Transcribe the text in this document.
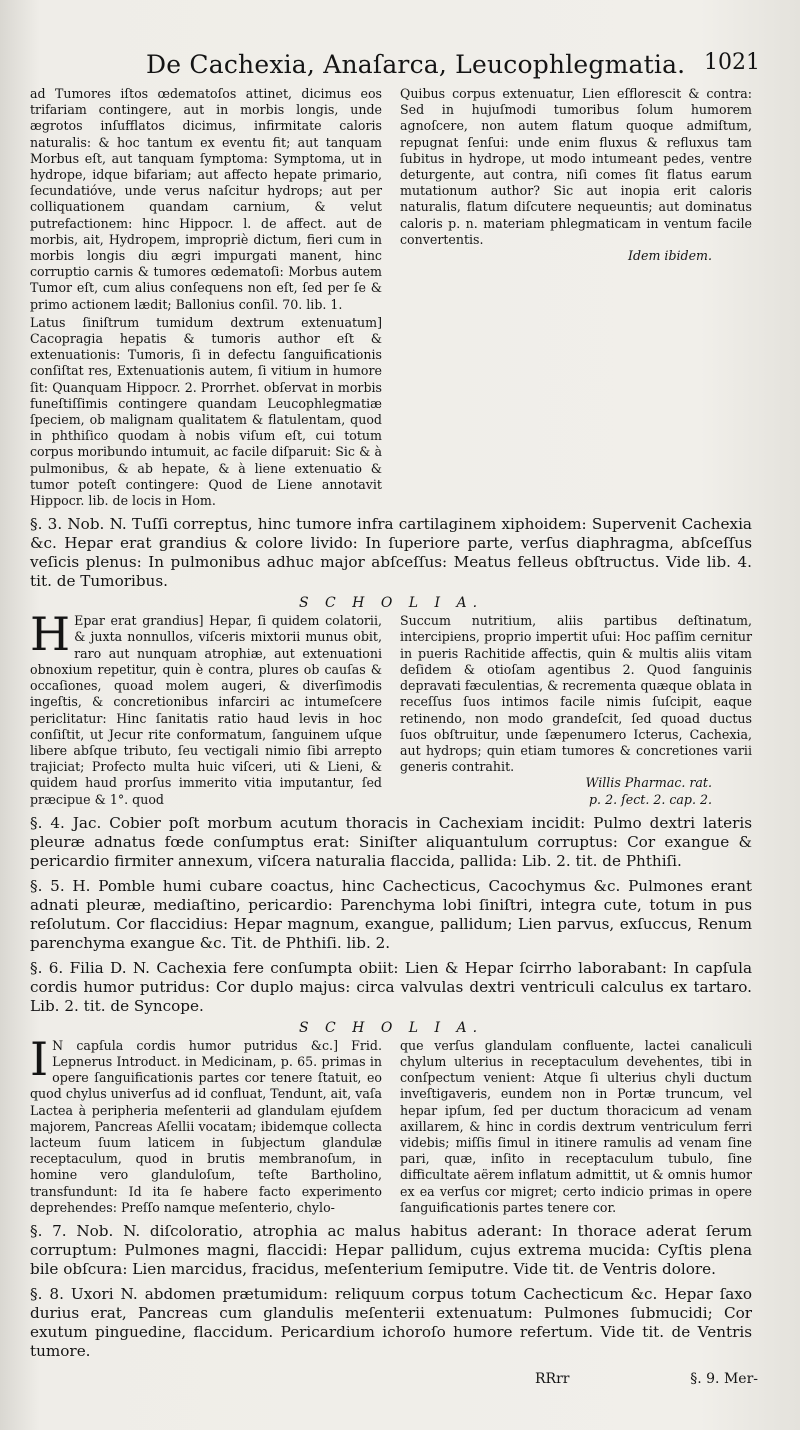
De Cachexia, Anaſarca, Leucophlegmatia. 1021

ad Tumores iſtos œdematoſos attinet, dicimus eos trifariam contingere, aut in morbis longis, unde ægrotos inſufflatos dicimus, infirmitate caloris naturalis: & hoc tantum ex eventu fit; aut tanquam Morbus eſt, aut tanquam ſymptoma: Symptoma, ut in hydrope, idque bifariam; aut affecto hepate primario, ſecundatióve, unde verus naſcitur hydrops; aut per colliquationem quandam carnium, & velut putrefactionem: hinc Hippocr. l. de affect. aut de morbis, ait, Hydropem, impropriè dictum, fieri cum in morbis longis diu ægri impurgati manent, hinc corruptio carnis & tumores œdematoſi: Morbus autem Tumor eſt, cum alius conſequens non eſt, ſed per ſe & primo actionem lædit; Ballonius conſil. 70. lib. 1.

Latus ſiniſtrum tumidum dextrum extenuatum] Cacopragia hepatis & tumoris author eſt & extenuationis: Tumoris, ſi in defectu ſanguificationis conſiſtat res, Extenuationis autem, ſi vitium in humore ſit: Quanquam Hippocr. 2. Prorrhet. obſervat in morbis funeſtiſſimis contingere quandam Leucophlegmatiæ ſpeciem, ob malignam qualitatem & flatulentam, quod in phthiſico quodam à nobis viſum eſt, cui totum corpus moribundo intumuit, ac facile diſparuit: Sic & à pulmonibus, & ab hepate, & à liene extenuatio & tumor poteſt contingere: Quod de Liene annotavit Hippocr. lib. de locis in Hom.

Quibus corpus extenuatur, Lien eſflorescit & contra: Sed in hujuſmodi tumoribus ſolum humorem agnoſcere, non autem flatum quoque admiſtum, repugnat ſenſui: unde enim fluxus & refluxus tam ſubitus in hydrope, ut modo intumeant pedes, ventre deturgente, aut contra, niſi comes ſit flatus earum mutationum author? Sic aut inopia erit caloris naturalis, flatum diſcutere nequeuntis; aut dominatus caloris p. n. materiam phlegmaticam in ventum facile convertentis.

Idem ibidem.

§. 3. Nob. N. Tuſſi correptus, hinc tumore infra cartilaginem xiphoidem: Supervenit Cachexia &c. Hepar erat grandius & colore livido: In ſuperiore parte, verſus diaphragma, abſceſſus veſicis plenus: In pulmonibus adhuc major abſceſſus: Meatus felleus obſtructus. Vide lib. 4. tit. de Tumoribus.

S C H O L I A.
H Epar erat grandius] Hepar, ſi quidem colatorii, & juxta nonnullos, viſceris mixtorii munus obit, raro aut nunquam atrophiæ, aut extenuationi obnoxium repetitur, quin è contra, plures ob cauſas & occaſiones, quoad molem augeri, & diverſimodis ingeſtis, & concretionibus infarciri ac intumeſcere periclitatur: Hinc ſanitatis ratio haud levis in hoc conſiſtit, ut Jecur rite conformatum, ſanguinem uſque libere abſque tributo, ſeu vectigali nimio ſibi arrepto trajiciat; Profecto multa huic viſceri, uti & Lieni, & quidem haud prorſus immerito vitia imputantur, ſed præcipue & 1°. quod

Succum nutritium, aliis partibus deſtinatum, intercipiens, proprio impertit uſui: Hoc paſſim cernitur in pueris Rachitide affectis, quin & multis aliis vitam deſidem & otioſam agentibus 2. Quod ſanguinis depravati fæculentias, & recrementa quæque oblata in receſſus ſuos intimos facile nimis ſuſcipit, eaque retinendo, non modo grandeſcit, ſed quoad ductus ſuos obſtruitur, unde ſæpenumero Icterus, Cachexia, aut hydrops; quin etiam tumores & concretiones varii generis contrahit.

Willis Pharmac. rat.

p. 2. ſect. 2. cap. 2.

§. 4. Jac. Cobier poſt morbum acutum thoracis in Cachexiam incidit: Pulmo dextri lateris pleuræ adnatus fœde conſumptus erat: Siniſter aliquantulum corruptus: Cor exangue & pericardio firmiter annexum, viſcera naturalia flaccida, pallida: Lib. 2. tit. de Phthiſi.

§. 5. H. Pomble humi cubare coactus, hinc Cachecticus, Cacochymus &c. Pulmones erant adnati pleuræ, mediaſtino, pericardio: Parenchyma lobi ſiniſtri, integra cute, totum in pus reſolutum. Cor flaccidius: Hepar magnum, exangue, pallidum; Lien parvus, exſuccus, Renum parenchyma exangue &c. Tit. de Phthiſi. lib. 2.

§. 6. Filia D. N. Cachexia fere conſumpta obiit: Lien & Hepar ſcirrho laborabant: In capſula cordis humor putridus: Cor duplo majus: circa valvulas dextri ventriculi calculus ex tartaro. Lib. 2. tit. de Syncope.

S C H O L I A.
I N capſula cordis humor putridus &c.] Frid. Lepnerus Introduct. in Medicinam, p. 65. primas in opere ſanguificationis partes cor tenere ſtatuit, eo quod chylus univerſus ad id confluat, Tendunt, ait, vaſa Lactea à peripheria meſenterii ad glandulam ejuſdem majorem, Pancreas Aſellii vocatam; ibidemque collecta lacteum ſuum laticem in ſubjectum glandulæ receptaculum, quod in brutis membranoſum, in homine vero glanduloſum, teſte Bartholino, transfundunt: Id ita ſe habere facto experimento deprehendes: Preſſo namque meſenterio, chylo-

que verſus glandulam confluente, lactei canaliculi chylum ulterius in receptaculum devehentes, tibi in conſpectum venient: Atque ſi ulterius chyli ductum inveſtigaveris, eundem non in Portæ truncum, vel hepar ipſum, ſed per ductum thoracicum ad venam axillarem, & hinc in cordis dextrum ventriculum ferri videbis; miſſis ſimul in itinere ramulis ad venam ſine pari, quæ, inſito in receptaculum tubulo, ſine difficultate aërem inflatum admittit, ut & omnis humor ex ea verſus cor migret; certo indicio primas in opere ſanguificationis partes tenere cor.

§. 7. Nob. N. diſcoloratio, atrophia ac malus habitus aderant: In thorace aderat ſerum corruptum: Pulmones magni, flaccidi: Hepar pallidum, cujus extrema mucida: Cyſtis plena bile obſcura: Lien marcidus, fracidus, meſenterium ſemiputre. Vide tit. de Ventris dolore.

§. 8. Uxori N. abdomen prætumidum: reliquum corpus totum Cachecticum &c. Hepar ſaxo durius erat, Pancreas cum glandulis meſenterii extenuatum: Pulmones ſubmucidi; Cor exutum pinguedine, flaccidum. Pericardium ichoroſo humore refertum. Vide tit. de Ventris tumore.

RRrr	§. 9. Mer-
